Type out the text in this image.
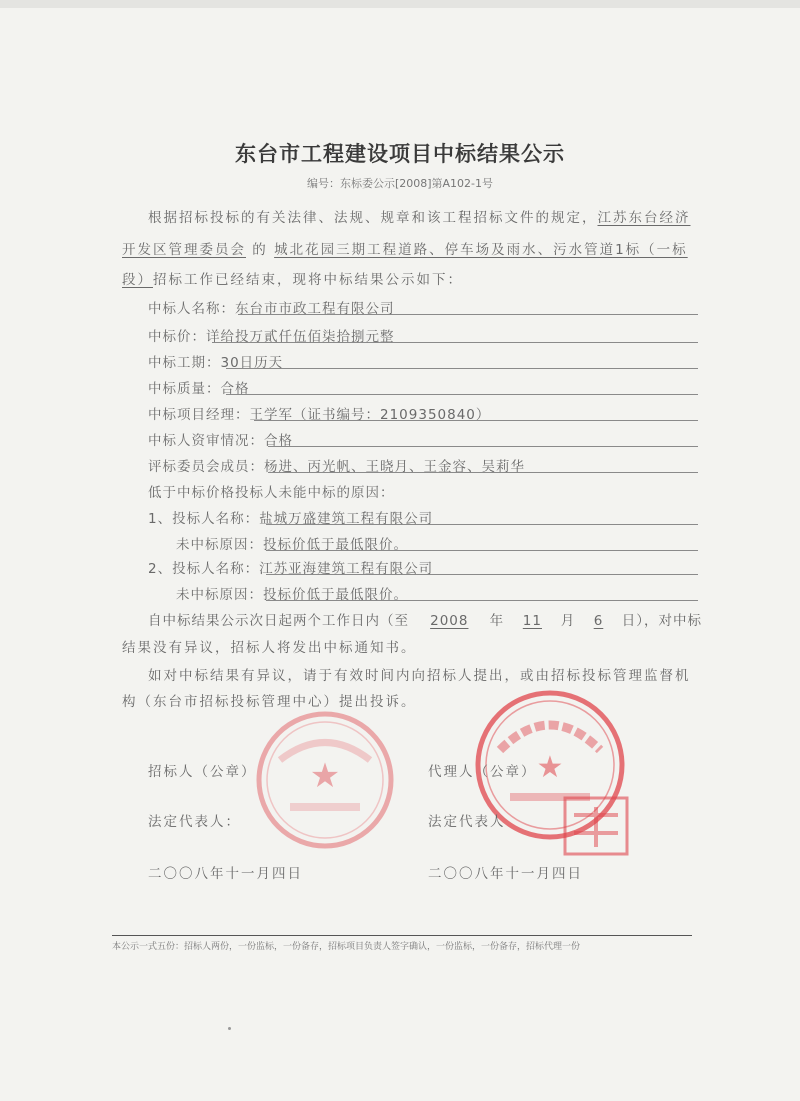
东台市工程建设项目中标结果公示
编号：东标委公示[2008]第A102-1号
根据招标投标的有关法律、法规、规章和该工程招标文件的规定，江苏东台经济
开发区管理委员会 的 城北花园三期工程道路、停车场及雨水、污水管道1标（一标
段）招标工作已经结束，现将中标结果公示如下：
中标人名称：东台市市政工程有限公司
中标价：详给投万貳仟伍佰柒拾捌元整
中标工期：30日历天
中标质量：合格
中标项目经理：王学军（证书编号：2109350840）
中标人资审情况：合格
评标委员会成员：杨进、丙光帆、王晓月、王金容、吴莉华
低于中标价格投标人未能中标的原因：
1、投标人名称：盐城万盛建筑工程有限公司
未中标原因：投标价低于最低限价。
2、投标人名称：江苏亚海建筑工程有限公司
未中标原因：投标价低于最低限价。
自中标结果公示次日起两个工作日内（至 2008 年 11 月 6 日），对中标
结果没有异议，招标人将发出中标通知书。
如对中标结果有异议，请于有效时间内向招标人提出，或由招标投标管理监督机
构（东台市招标投标管理中心）提出投诉。
★	★
招标人（公章）
法定代表人：
二〇〇八年十一月四日
代理人（公章）
法定代表人
二〇〇八年十一月四日
本公示一式五份：招标人两份，一份监标，一份备存，招标项目负责人签字确认，一份监标，一份备存，招标代理一份
